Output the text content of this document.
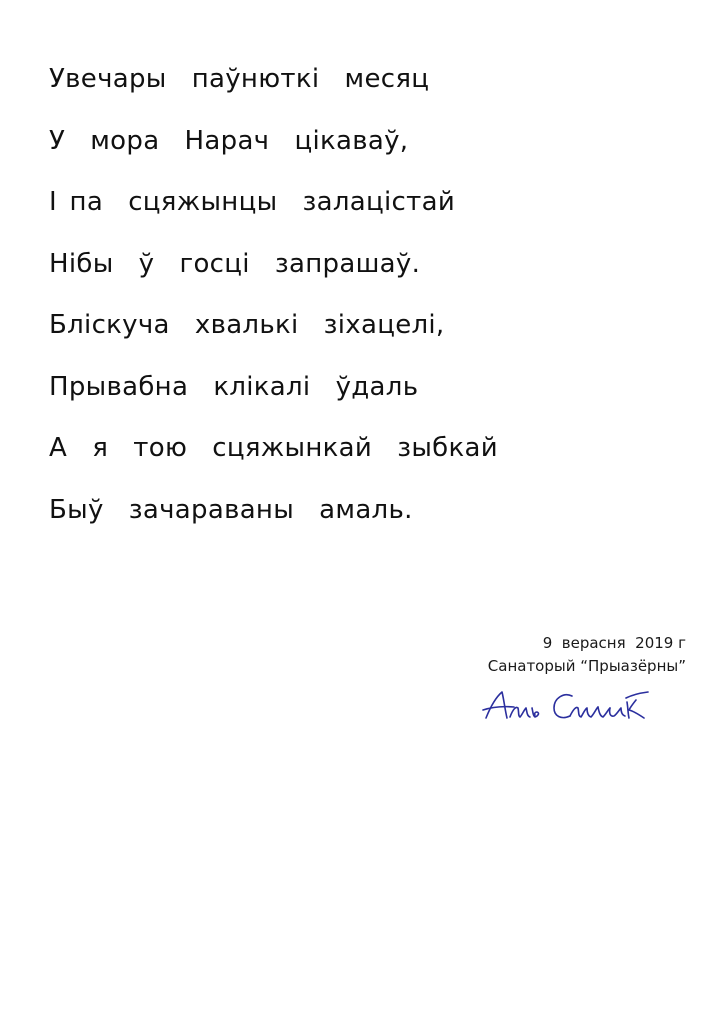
Увечары  паўнюткі  месяц
У  мора  Нарач  цікаваў,
І па  сцяжынцы  залацістай
Нібы  ў  госці  запрашаў.
Бліскуча  хвалькі  зіхацелі,
Прывабна  клікалі  ўдаль
А  я  тою  сцяжынкай  зыбкай
Быў  зачараваны  амаль.
9  верасня  2019 г
Санаторый “Прыазёрны”
